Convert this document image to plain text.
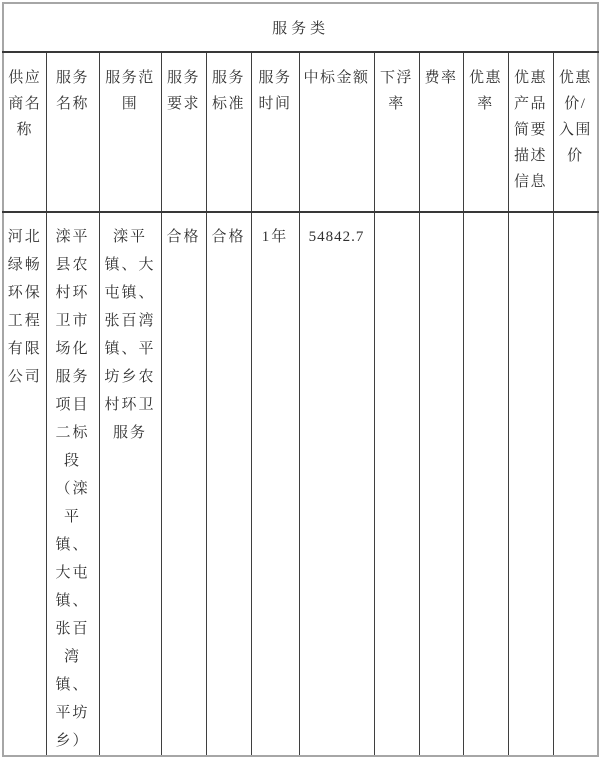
服务类											
供应商名称	服务名称	服务范围	服务要求	服务标准	服务时间	中标金额	下浮率	费率	优惠率	优惠产品简要描述信息	优惠价/入围价
河北绿畅环保工程有限公司	滦平县农村环卫市场化服务项目二标段（滦平镇、大屯镇、张百湾镇、平坊乡）	滦平镇、大屯镇、张百湾镇、平坊乡农村环卫服务	合格	合格	1年	54842.7					
